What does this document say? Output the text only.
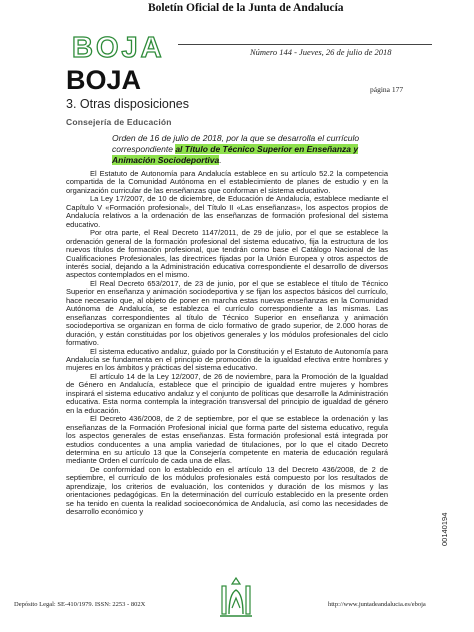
Boletín Oficial de la Junta de Andalucía
BOJA	Número 144 - Jueves, 26 de julio de 2018
BOJA	página 177
3. Otras disposiciones
Consejería de Educación
Orden de 16 de julio de 2018, por la que se desarrolla el currículo correspondiente al Título de Técnico Superior en Enseñanza y Animación Sociodeportiva.

El Estatuto de Autonomía para Andalucía establece en su artículo 52.2 la competencia compartida de la Comunidad Autónoma en el establecimiento de planes de estudio y en la organización curricular de las enseñanzas que conforman el sistema educativo.

La Ley 17/2007, de 10 de diciembre, de Educación de Andalucía, establece mediante el Capítulo V «Formación profesional», del Título II «Las enseñanzas», los aspectos propios de Andalucía relativos a la ordenación de las enseñanzas de formación profesional del sistema educativo.

Por otra parte, el Real Decreto 1147/2011, de 29 de julio, por el que se establece la ordenación general de la formación profesional del sistema educativo, fija la estructura de los nuevos títulos de formación profesional, que tendrán como base el Catálogo Nacional de las Cualificaciones Profesionales, las directrices fijadas por la Unión Europea y otros aspectos de interés social, dejando a la Administración educativa correspondiente el desarrollo de diversos aspectos contemplados en el mismo.

El Real Decreto 653/2017, de 23 de junio, por el que se establece el título de Técnico Superior en enseñanza y animación sociodeportiva y se fijan los aspectos básicos del currículo, hace necesario que, al objeto de poner en marcha estas nuevas enseñanzas en la Comunidad Autónoma de Andalucía, se establezca el currículo correspondiente a las mismas. Las enseñanzas correspondientes al título de Técnico Superior en enseñanza y animación sociodeportiva se organizan en forma de ciclo formativo de grado superior, de 2.000 horas de duración, y están constituidas por los objetivos generales y los módulos profesionales del ciclo formativo.

El sistema educativo andaluz, guiado por la Constitución y el Estatuto de Autonomía para Andalucía se fundamenta en el principio de promoción de la igualdad efectiva entre hombres y mujeres en los ámbitos y prácticas del sistema educativo.

El artículo 14 de la Ley 12/2007, de 26 de noviembre, para la Promoción de la Igualdad de Género en Andalucía, establece que el principio de igualdad entre mujeres y hombres inspirará el sistema educativo andaluz y el conjunto de políticas que desarrolle la Administración educativa. Esta norma contempla la integración transversal del principio de igualdad de género en la educación.

El Decreto 436/2008, de 2 de septiembre, por el que se establece la ordenación y las enseñanzas de la Formación Profesional inicial que forma parte del sistema educativo, regula los aspectos generales de estas enseñanzas. Esta formación profesional está integrada por estudios conducentes a una amplia variedad de titulaciones, por lo que el citado Decreto determina en su artículo 13 que la Consejería competente en materia de educación regulará mediante Orden el currículo de cada una de ellas.

De conformidad con lo establecido en el artículo 13 del Decreto 436/2008, de 2 de septiembre, el currículo de los módulos profesionales está compuesto por los resultados de aprendizaje, los criterios de evaluación, los contenidos y duración de los mismos y las orientaciones pedagógicas. En la determinación del currículo establecido en la presente orden se ha tenido en cuenta la realidad socioeconómica de Andalucía, así como las necesidades de desarrollo económico y

00140194
Depósito Legal: SE-410/1979. ISSN: 2253 - 802X	http://www.juntadeandalucia.es/eboja
